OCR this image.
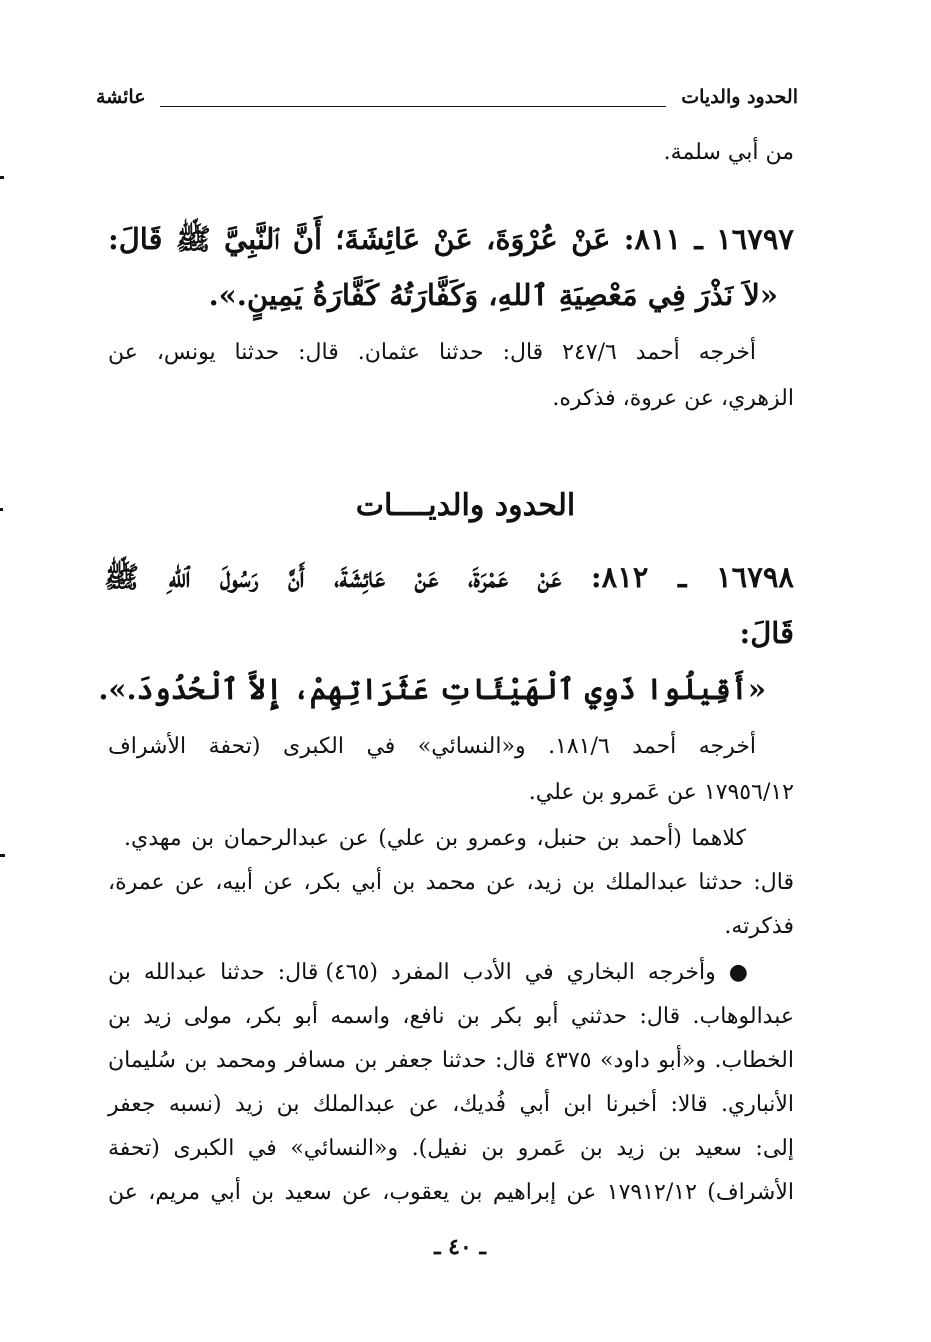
الحدود والديات
عائشة
من أبي سلمة.
١٦٧٩٧ ـ ٨١١: عَنْ عُرْوَةَ، عَنْ عَائِشَةَ؛ أَنَّ ٱلنَّبِيَّ ﷺ قَالَ:
«لاَ نَذْرَ فِي مَعْصِيَةِ ٱللهِ، وَكَفَّارَتُهُ كَفَّارَةُ يَمِينٍ.».
أخرجه أحمد ٢٤٧/٦ قال: حدثنا عثمان. قال: حدثنا يونس، عن
الزهري، عن عروة، فذكره.
الحدود والديــــات
١٦٧٩٨ ـ ٨١٢: عَنْ عَمْرَةَ، عَنْ عَائِشَةَ، أَنَّ رَسُولَ ٱللهِ ﷺ
قَالَ:
«أَقِيلُوا ذَوِي ٱلْهَيْئَاتِ عَثَرَاتِهِمْ، إِلاَّ ٱلْحُدُودَ.».
أخرجه أحمد ١٨١/٦. و«النسائي» في الكبرى (تحفة الأشراف
١٧٩٥٦/١٢ عن عَمرو بن علي.
كلاهما (أحمد بن حنبل، وعمرو بن علي) عن عبدالرحمان بن مهدي.
قال: حدثنا عبدالملك بن زيد، عن محمد بن أبي بكر، عن أبيه، عن عمرة،
فذكرته.
● وأخرجه البخاري في الأدب المفرد (٤٦٥) قال: حدثنا عبدالله بن
عبدالوهاب. قال: حدثني أبو بكر بن نافع، واسمه أبو بكر، مولى زيد بن
الخطاب. و«أبو داود» ٤٣٧٥ قال: حدثنا جعفر بن مسافر ومحمد بن سُليمان
الأنباري. قالا: أخبرنا ابن أبي فُديك، عن عبدالملك بن زيد (نسبه جعفر
إلى: سعيد بن زيد بن عَمرو بن نفيل). و«النسائي» في الكبرى (تحفة
الأشراف) ١٧٩١٢/١٢ عن إبراهيم بن يعقوب، عن سعيد بن أبي مريم، عن
ـ ٤٠ ـ
